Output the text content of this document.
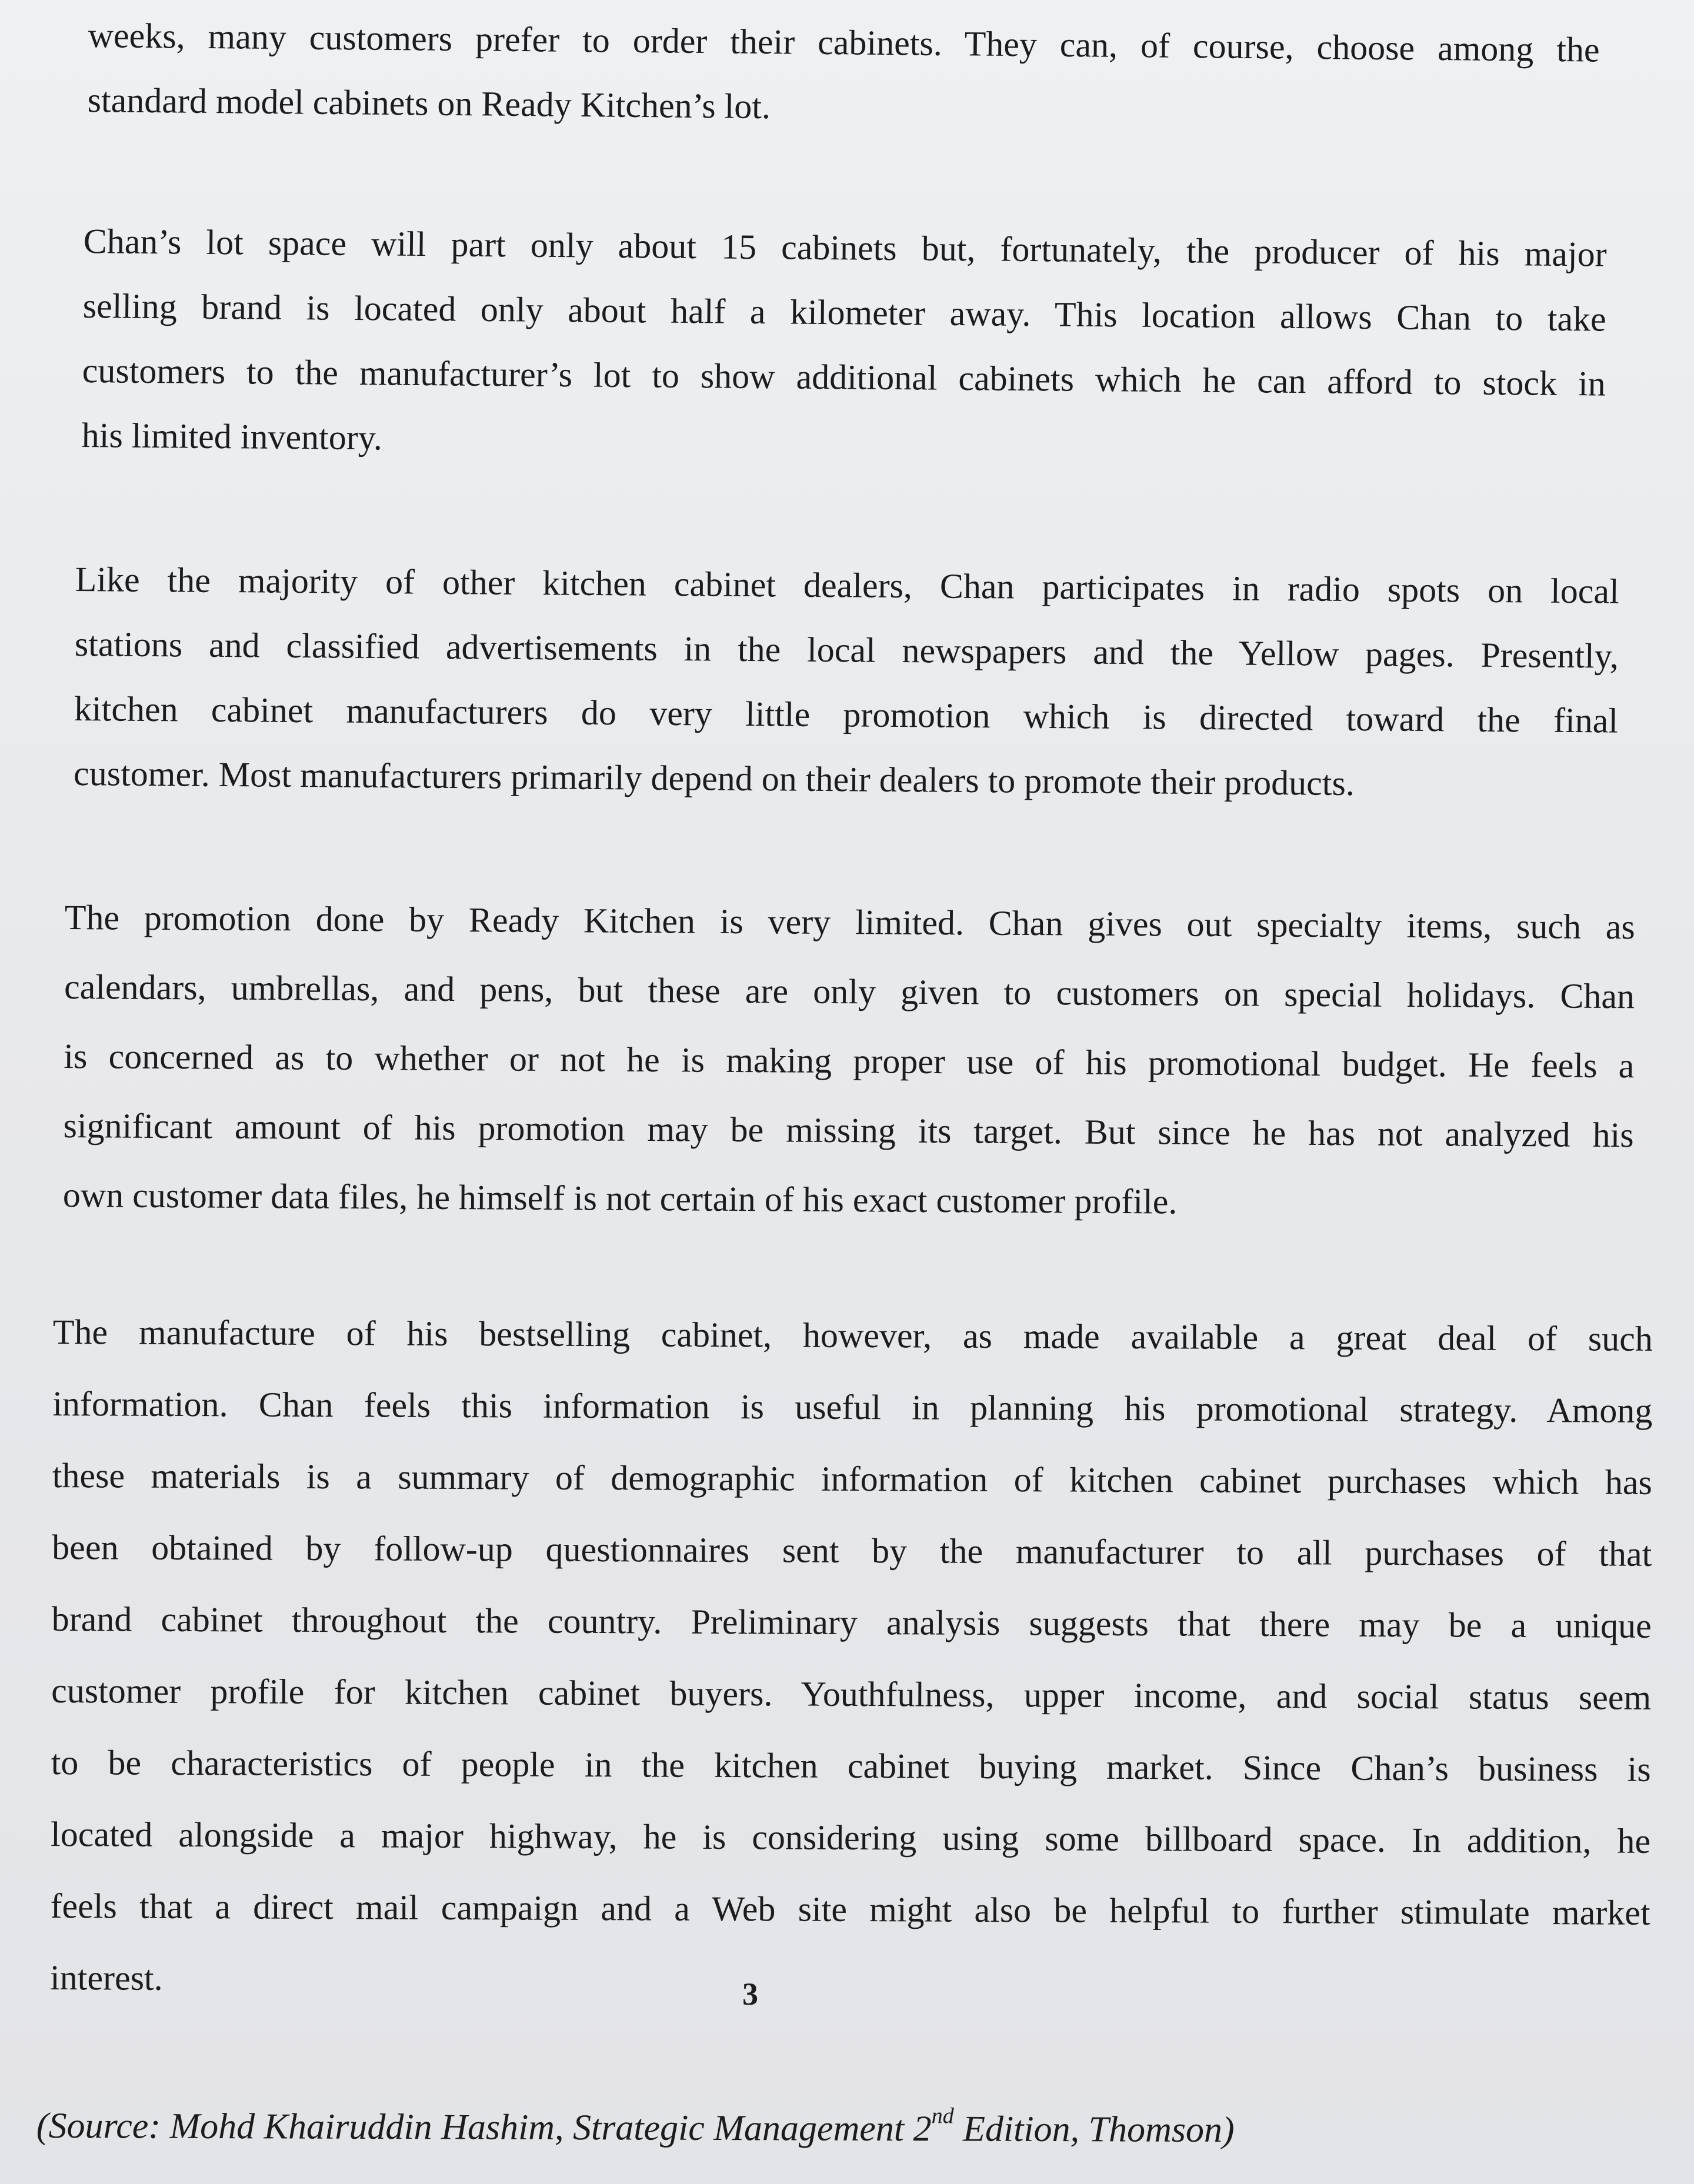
weeks, many customers prefer to order their cabinets. They can, of course, choose among the
standard model cabinets on Ready Kitchen’s lot.
Chan’s lot space will part only about 15 cabinets but, fortunately, the producer of his major
selling brand is located only about half a kilometer away. This location allows Chan to take
customers to the manufacturer’s lot to show additional cabinets which he can afford to stock in
his limited inventory.
Like the majority of other kitchen cabinet dealers, Chan participates in radio spots on local
stations and classified advertisements in the local newspapers and the Yellow pages. Presently,
kitchen cabinet manufacturers do very little promotion which is directed toward the final
customer. Most manufacturers primarily depend on their dealers to promote their products.
The promotion done by Ready Kitchen is very limited. Chan gives out specialty items, such as
calendars, umbrellas, and pens, but these are only given to customers on special holidays. Chan
is concerned as to whether or not he is making proper use of his promotional budget. He feels a
significant amount of his promotion may be missing its target. But since he has not analyzed his
own customer data files, he himself is not certain of his exact customer profile.
The manufacture of his bestselling cabinet, however, as made available a great deal of such
information. Chan feels this information is useful in planning his promotional strategy. Among
these materials is a summary of demographic information of kitchen cabinet purchases which has
been obtained by follow-up questionnaires sent by the manufacturer to all purchases of that
brand cabinet throughout the country. Preliminary analysis suggests that there may be a unique
customer profile for kitchen cabinet buyers. Youthfulness, upper income, and social status seem
to be characteristics of people in the kitchen cabinet buying market. Since Chan’s business is
located alongside a major highway, he is considering using some billboard space. In addition, he
feels that a direct mail campaign and a Web site might also be helpful to further stimulate market
interest.	3
(Source: Mohd Khairuddin Hashim, Strategic Management 2nd Edition, Thomson)
